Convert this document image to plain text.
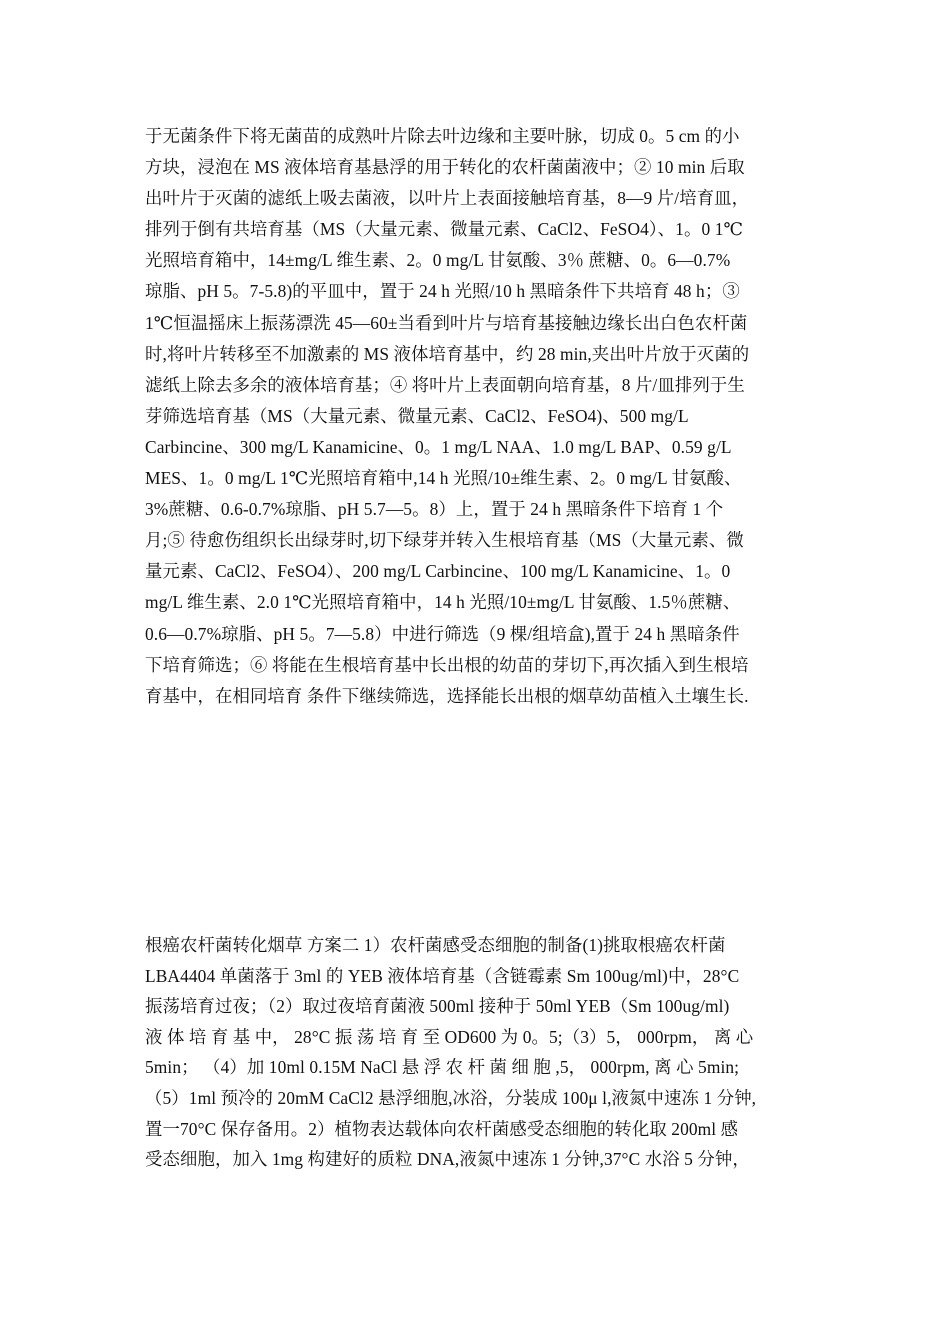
于无菌条件下将无菌苗的成熟叶片除去叶边缘和主要叶脉，切成 0。5 cm 的小
方块，浸泡在 MS 液体培育基悬浮的用于转化的农杆菌菌液中；② 10 min 后取
出叶片于灭菌的滤纸上吸去菌液，以叶片上表面接触培育基，8—9 片/培育皿，
排列于倒有共培育基（MS（大量元素、微量元素、CaCl2、FeSO4）、1。0 1℃
光照培育箱中，14±mg/L 维生素、2。0 mg/L 甘氨酸、3％ 蔗糖、0。6—0.7%
琼脂、pH 5。7-5.8)的平皿中，置于 24 h 光照/10 h 黑暗条件下共培育 48 h；③
1℃恒温摇床上振荡漂洗 45—60±当看到叶片与培育基接触边缘长出白色农杆菌
时,将叶片转移至不加激素的 MS 液体培育基中，约 28 min,夹出叶片放于灭菌的
滤纸上除去多余的液体培育基；④ 将叶片上表面朝向培育基，8 片/皿排列于生
芽筛选培育基（MS（大量元素、微量元素、CaCl2、FeSO4)、500 mg/L
Carbincine、300 mg/L Kanamicine、0。1 mg/L NAA、1.0 mg/L BAP、0.59 g/L
MES、1。0 mg/L 1℃光照培育箱中,14 h 光照/10±维生素、2。0 mg/L 甘氨酸、
3%蔗糖、0.6-0.7%琼脂、pH 5.7—5。8）上，置于 24 h 黑暗条件下培育 1 个
月;⑤ 待愈伤组织长出绿芽时,切下绿芽并转入生根培育基（MS（大量元素、微
量元素、CaCl2、FeSO4）、200 mg/L Carbincine、100 mg/L Kanamicine、1。0
mg/L 维生素、2.0 1℃光照培育箱中，14 h 光照/10±mg/L 甘氨酸、1.5％蔗糖、
0.6—0.7%琼脂、pH 5。7—5.8）中进行筛选（9 棵/组培盒),置于 24 h 黑暗条件
下培育筛选；⑥ 将能在生根培育基中长出根的幼苗的芽切下,再次插入到生根培
育基中，在相同培育 条件下继续筛选，选择能长出根的烟草幼苗植入土壤生长.
根癌农杆菌转化烟草 方案二 1）农杆菌感受态细胞的制备(1)挑取根癌农杆菌
LBA4404 单菌落于 3ml 的 YEB 液体培育基（含链霉素 Sm 100ug/ml)中，28°C
振荡培育过夜；（2）取过夜培育菌液 500ml 接种于 50ml YEB（Sm 100ug/ml)
液 体 培 育 基 中， 28°C 振 荡 培 育 至 OD600 为 0。5;（3）5， 000rpm， 离 心
5min； （4）加 10ml 0.15M NaCl 悬 浮 农 杆 菌 细 胞 ,5， 000rpm, 离 心 5min;
（5）1ml 预冷的 20mM CaCl2 悬浮细胞,冰浴，分装成 100μ l,液氮中速冻 1 分钟,
置一70°C 保存备用。2）植物表达载体向农杆菌感受态细胞的转化取 200ml 感
受态细胞，加入 1mg 构建好的质粒 DNA,液氮中速冻 1 分钟,37°C 水浴 5 分钟，
